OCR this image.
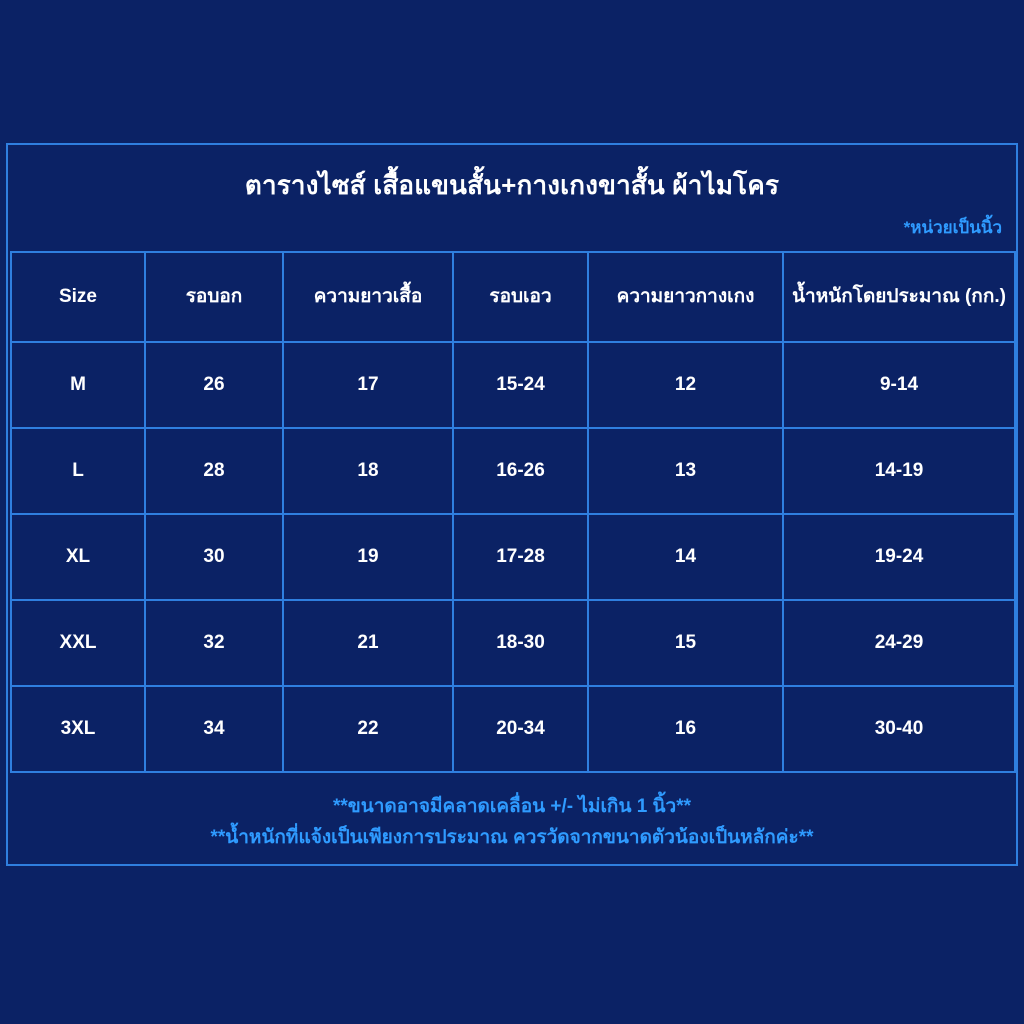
ตารางไซส์ เสื้อแขนสั้น+กางเกงขาสั้น ผ้าไมโคร
*หน่วยเป็นนิ้ว
Size	รอบอก	ความยาวเสื้อ	รอบเอว	ความยาวกางเกง	น้ำหนักโดยประมาณ (กก.)
M	26	17	15-24	12	9-14
L	28	18	16-26	13	14-19
XL	30	19	17-28	14	19-24
XXL	32	21	18-30	15	24-29
3XL	34	22	20-34	16	30-40
**ขนาดอาจมีคลาดเคลื่อน +/- ไม่เกิน 1 นิ้ว**
**น้ำหนักที่แจ้งเป็นเพียงการประมาณ ควรวัดจากขนาดตัวน้องเป็นหลักค่ะ**
